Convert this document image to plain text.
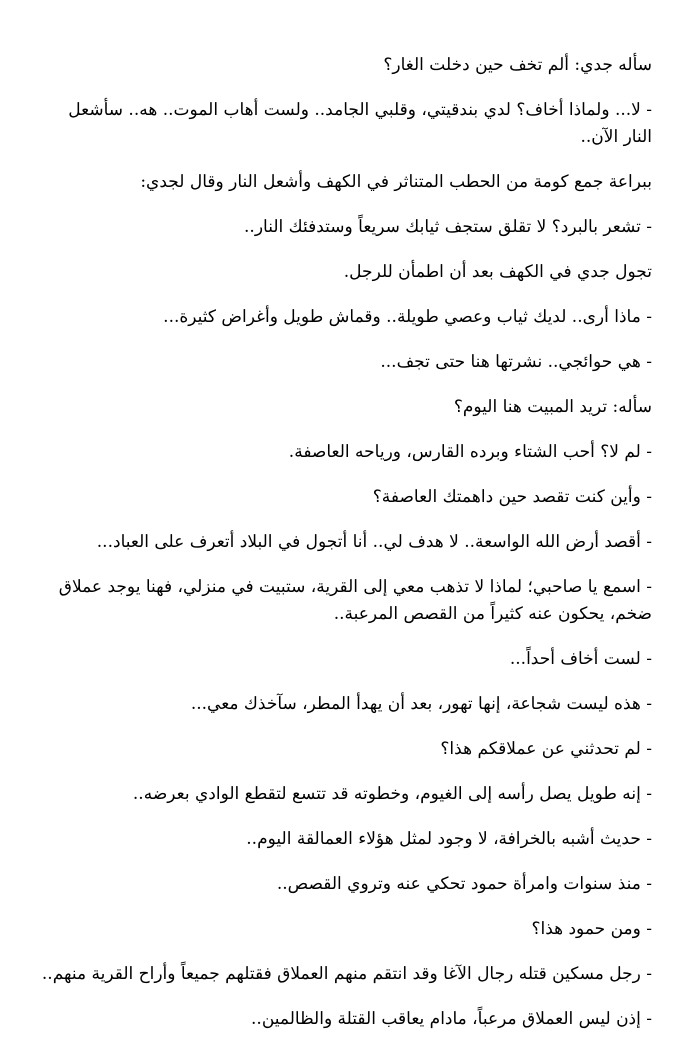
سأله جدي: ألم تخف حين دخلت الغار؟

- لا... ولماذا أخاف؟ لدي بندقيتي، وقلبي الجامد.. ولست أهاب الموت.. هه.. سأشعل النار الآن..

ببراعة جمع كومة من الحطب المتناثر في الكهف وأشعل النار وقال لجدي:

- تشعر بالبرد؟ لا تقلق ستجف ثيابك سريعاً وستدفئك النار..

تجول جدي في الكهف بعد أن اطمأن للرجل.

- ماذا أرى.. لديك ثياب وعصي طويلة.. وقماش طويل وأغراض كثيرة...

- هي حوائجي.. نشرتها هنا حتى تجف...

سأله: تريد المبيت هنا اليوم؟

- لم لا؟ أحب الشتاء وبرده القارس، ورياحه العاصفة.

- وأين كنت تقصد حين داهمتك العاصفة؟

- أقصد أرض الله الواسعة.. لا هدف لي.. أنا أتجول في البلاد أتعرف على العباد...

- اسمع يا صاحبي؛ لماذا لا تذهب معي إلى القرية، ستبيت في منزلي، فهنا يوجد عملاق ضخم، يحكون عنه كثيراً من القصص المرعبة..

- لست أخاف أحداً...

- هذه ليست شجاعة، إنها تهور، بعد أن يهدأ المطر، سآخذك معي...

- لم تحدثني عن عملاقكم هذا؟

- إنه طويل يصل رأسه إلى الغيوم، وخطوته قد تتسع لتقطع الوادي بعرضه..

- حديث أشبه بالخرافة، لا وجود لمثل هؤلاء العمالقة اليوم..

- منذ سنوات وامرأة حمود تحكي عنه وتروي القصص..

- ومن حمود هذا؟

- رجل مسكين قتله رجال الآغا وقد انتقم منهم العملاق فقتلهم جميعاً وأراح القرية منهم..

- إذن ليس العملاق مرعباً، مادام يعاقب القتلة والظالمين..
